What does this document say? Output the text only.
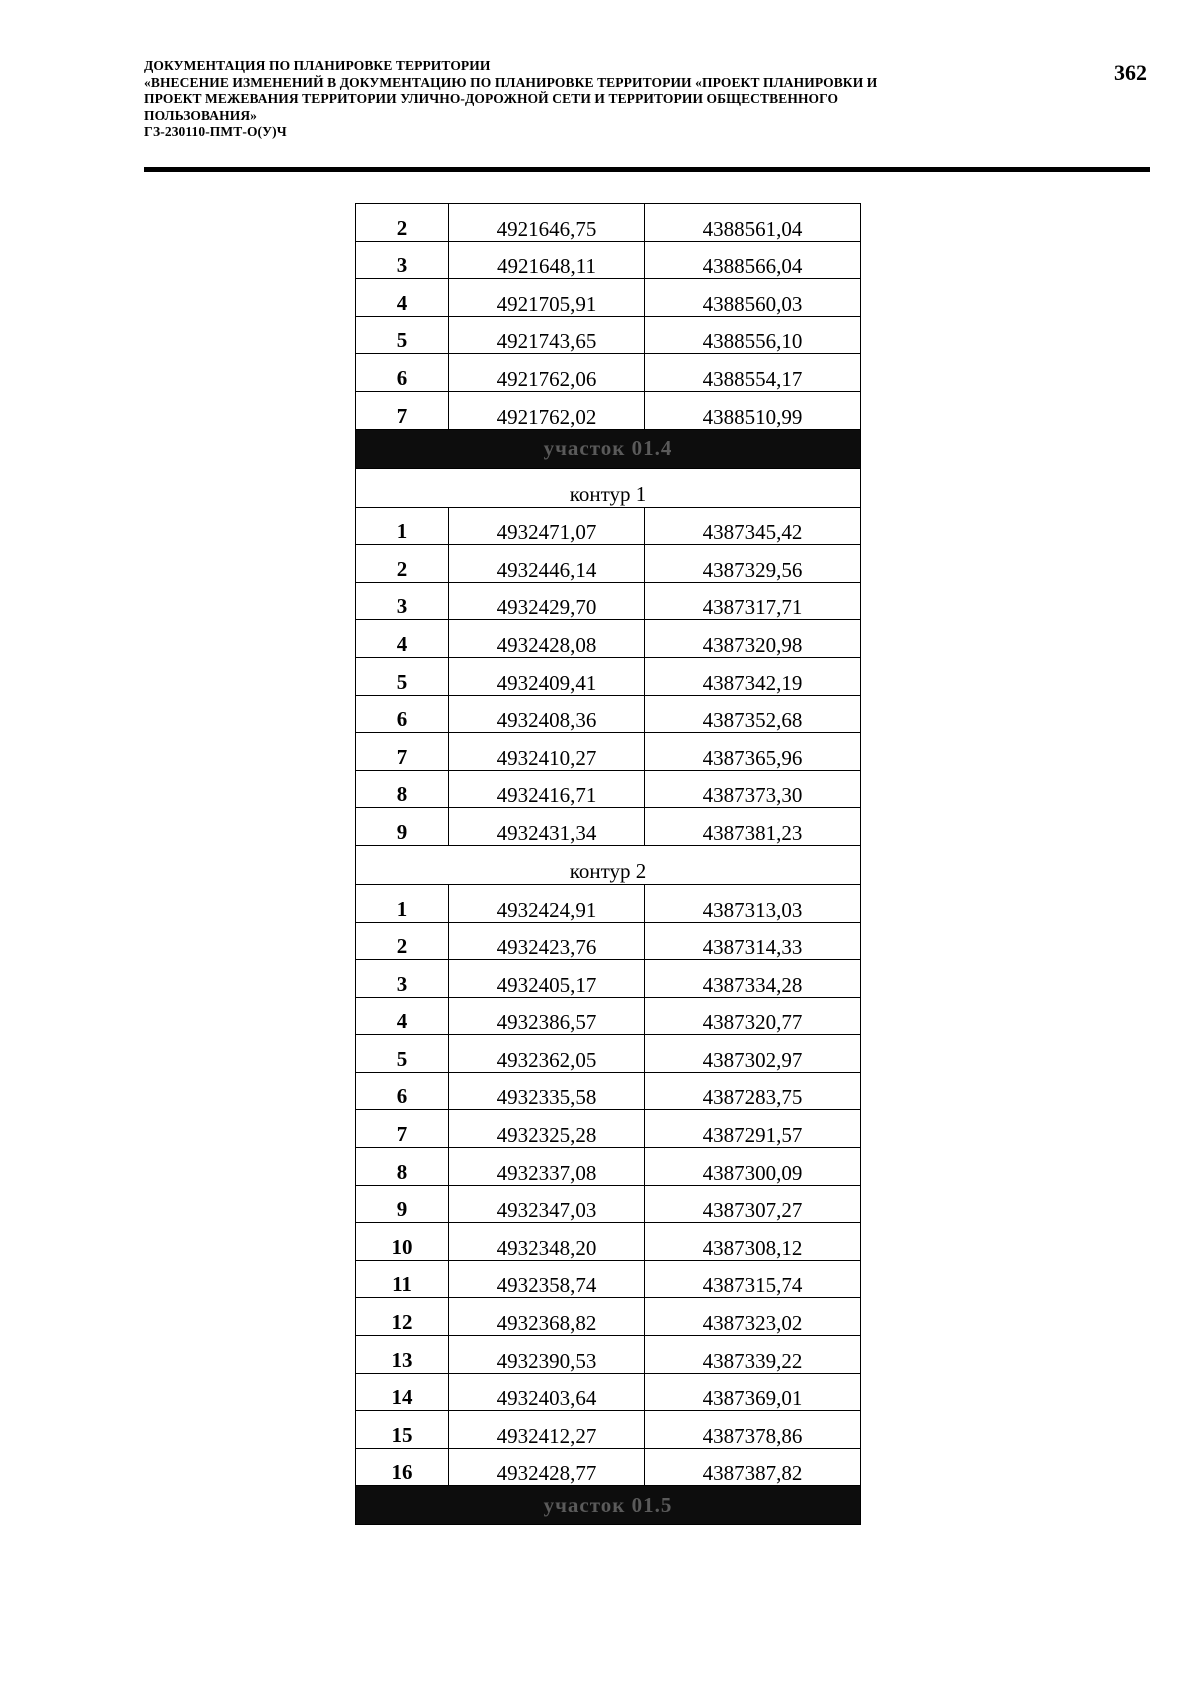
ДОКУМЕНТАЦИЯ ПО ПЛАНИРОВКЕ ТЕРРИТОРИИ
«ВНЕСЕНИЕ ИЗМЕНЕНИЙ В ДОКУМЕНТАЦИЮ ПО ПЛАНИРОВКЕ ТЕРРИТОРИИ «ПРОЕКТ ПЛАНИРОВКИ И
ПРОЕКТ МЕЖЕВАНИЯ ТЕРРИТОРИИ УЛИЧНО-ДОРОЖНОЙ СЕТИ И ТЕРРИТОРИИ ОБЩЕСТВЕННОГО
ПОЛЬЗОВАНИЯ»
ГЗ-230110-ПМТ-О(У)Ч
362
2	4921646,75	4388561,04
3	4921648,11	4388566,04
4	4921705,91	4388560,03
5	4921743,65	4388556,10
6	4921762,06	4388554,17
7	4921762,02	4388510,99
участок 01.4		
контур 1		
1	4932471,07	4387345,42
2	4932446,14	4387329,56
3	4932429,70	4387317,71
4	4932428,08	4387320,98
5	4932409,41	4387342,19
6	4932408,36	4387352,68
7	4932410,27	4387365,96
8	4932416,71	4387373,30
9	4932431,34	4387381,23
контур 2		
1	4932424,91	4387313,03
2	4932423,76	4387314,33
3	4932405,17	4387334,28
4	4932386,57	4387320,77
5	4932362,05	4387302,97
6	4932335,58	4387283,75
7	4932325,28	4387291,57
8	4932337,08	4387300,09
9	4932347,03	4387307,27
10	4932348,20	4387308,12
11	4932358,74	4387315,74
12	4932368,82	4387323,02
13	4932390,53	4387339,22
14	4932403,64	4387369,01
15	4932412,27	4387378,86
16	4932428,77	4387387,82
участок 01.5		
